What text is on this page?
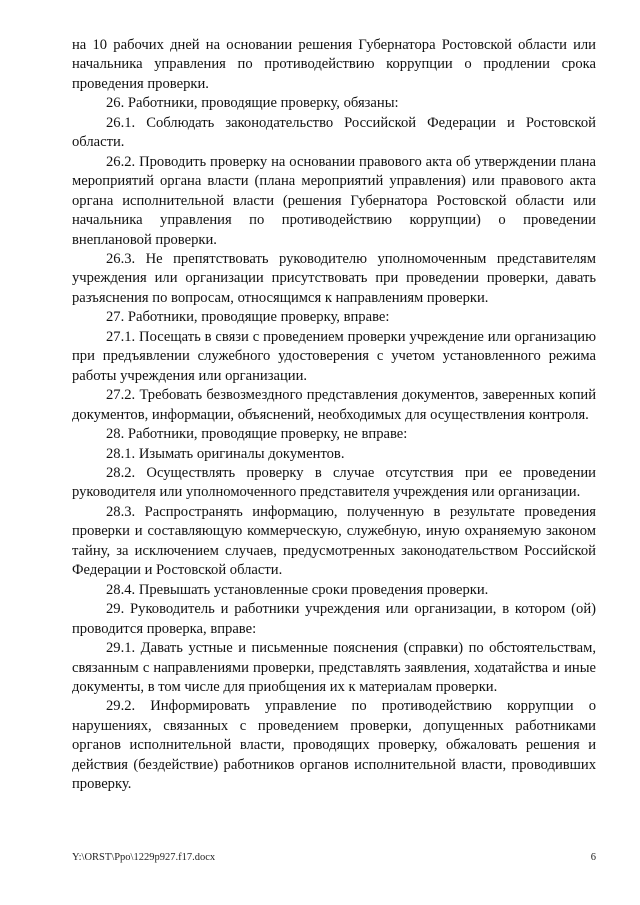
на 10 рабочих дней на основании решения Губернатора Ростовской области или начальника управления по противодействию коррупции о продлении срока проведения проверки.

26. Работники, проводящие проверку, обязаны:

26.1. Соблюдать законодательство Российской Федерации и Ростовской области.

26.2. Проводить проверку на основании правового акта об утверждении плана мероприятий органа власти (плана мероприятий управления) или правового акта органа исполнительной власти (решения Губернатора Ростовской области или начальника управления по противодействию коррупции) о проведении внеплановой проверки.

26.3. Не препятствовать руководителю уполномоченным представителям учреждения или организации присутствовать при проведении проверки, давать разъяснения по вопросам, относящимся к направлениям проверки.

27. Работники, проводящие проверку, вправе:

27.1. Посещать в связи с проведением проверки учреждение или организацию при предъявлении служебного удостоверения с учетом установленного режима работы учреждения или организации.

27.2. Требовать безвозмездного представления документов, заверенных копий документов, информации, объяснений, необходимых для осуществления контроля.

28. Работники, проводящие проверку, не вправе:

28.1. Изымать оригиналы документов.

28.2. Осуществлять проверку в случае отсутствия при ее проведении руководителя или уполномоченного представителя учреждения или организации.

28.3. Распространять информацию, полученную в результате проведения проверки и составляющую коммерческую, служебную, иную охраняемую законом тайну, за исключением случаев, предусмотренных законодательством Российской Федерации и Ростовской области.

28.4. Превышать установленные сроки проведения проверки.

29. Руководитель и работники учреждения или организации, в котором (ой) проводится проверка, вправе:

29.1. Давать устные и письменные пояснения (справки) по обстоятельствам, связанным с направлениями проверки, представлять заявления, ходатайства и иные документы, в том числе для приобщения их к материалам проверки.

29.2. Информировать управление по противодействию коррупции о нарушениях, связанных с проведением проверки, допущенных работниками органов исполнительной власти, проводящих проверку, обжаловать решения и действия (бездействие) работников органов исполнительной власти, проводивших проверку.

Y:\ORST\Ppo\1229p927.f17.docx	6
